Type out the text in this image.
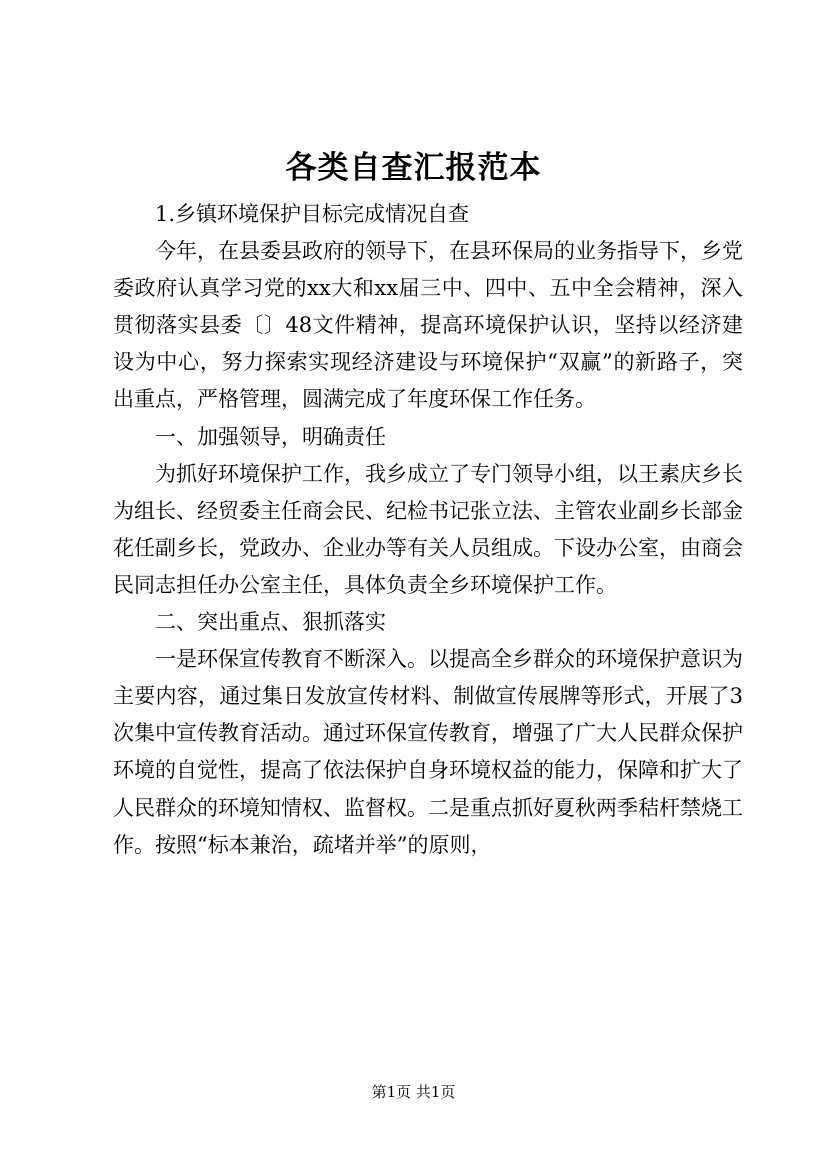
各类自查汇报范本

1.乡镇环境保护目标完成情况自查

今年，在县委县政府的领导下，在县环保局的业务指导下，乡党委政府认真学习党的xx大和xx届三中、四中、五中全会精神，深入贯彻落实县委〔〕48文件精神，提高环境保护认识，坚持以经济建设为中心，努力探索实现经济建设与环境保护“双赢”的新路子，突出重点，严格管理，圆满完成了年度环保工作任务。

一、加强领导，明确责任

为抓好环境保护工作，我乡成立了专门领导小组，以王素庆乡长为组长、经贸委主任商会民、纪检书记张立法、主管农业副乡长部金花任副乡长，党政办、企业办等有关人员组成。下设办公室，由商会民同志担任办公室主任，具体负责全乡环境保护工作。

二、突出重点、狠抓落实

一是环保宣传教育不断深入。以提高全乡群众的环境保护意识为主要内容，通过集日发放宣传材料、制做宣传展牌等形式，开展了3次集中宣传教育活动。通过环保宣传教育，增强了广大人民群众保护环境的自觉性，提高了依法保护自身环境权益的能力，保障和扩大了人民群众的环境知情权、监督权。二是重点抓好夏秋两季秸杆禁烧工作。按照“标本兼治，疏堵并举”的原则，

第1页 共1页
